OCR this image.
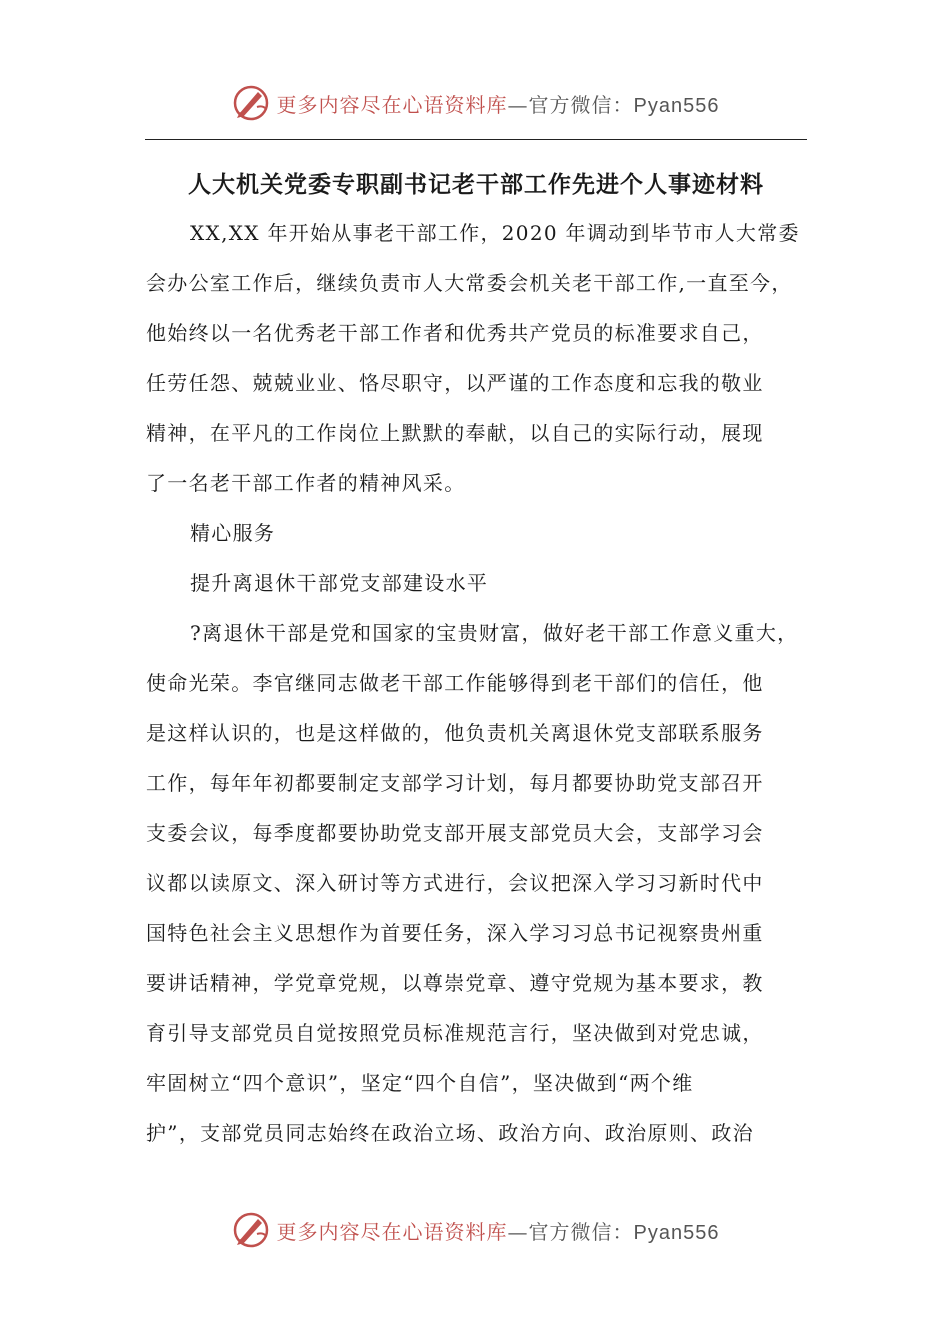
更多内容尽在心语资料库—官方微信：Pyan556
人大机关党委专职副书记老干部工作先进个人事迹材料
XX,XX 年开始从事老干部工作，2020 年调动到毕节市人大常委
会办公室工作后，继续负责市人大常委会机关老干部工作,一直至今，
他始终以一名优秀老干部工作者和优秀共产党员的标准要求自己，
任劳任怨、兢兢业业、恪尽职守，以严谨的工作态度和忘我的敬业
精神，在平凡的工作岗位上默默的奉献，以自己的实际行动，展现
了一名老干部工作者的精神风采。
精心服务
提升离退休干部党支部建设水平
?离退休干部是党和国家的宝贵财富，做好老干部工作意义重大，
使命光荣。李官继同志做老干部工作能够得到老干部们的信任，他
是这样认识的，也是这样做的，他负责机关离退休党支部联系服务
工作，每年年初都要制定支部学习计划，每月都要协助党支部召开
支委会议，每季度都要协助党支部开展支部党员大会，支部学习会
议都以读原文、深入研讨等方式进行，会议把深入学习习新时代中
国特色社会主义思想作为首要任务，深入学习习总书记视察贵州重
要讲话精神，学党章党规，以尊崇党章、遵守党规为基本要求，教
育引导支部党员自觉按照党员标准规范言行，坚决做到对党忠诚，
牢固树立“四个意识”，坚定“四个自信”，坚决做到“两个维
护”，支部党员同志始终在政治立场、政治方向、政治原则、政治
更多内容尽在心语资料库—官方微信：Pyan556
